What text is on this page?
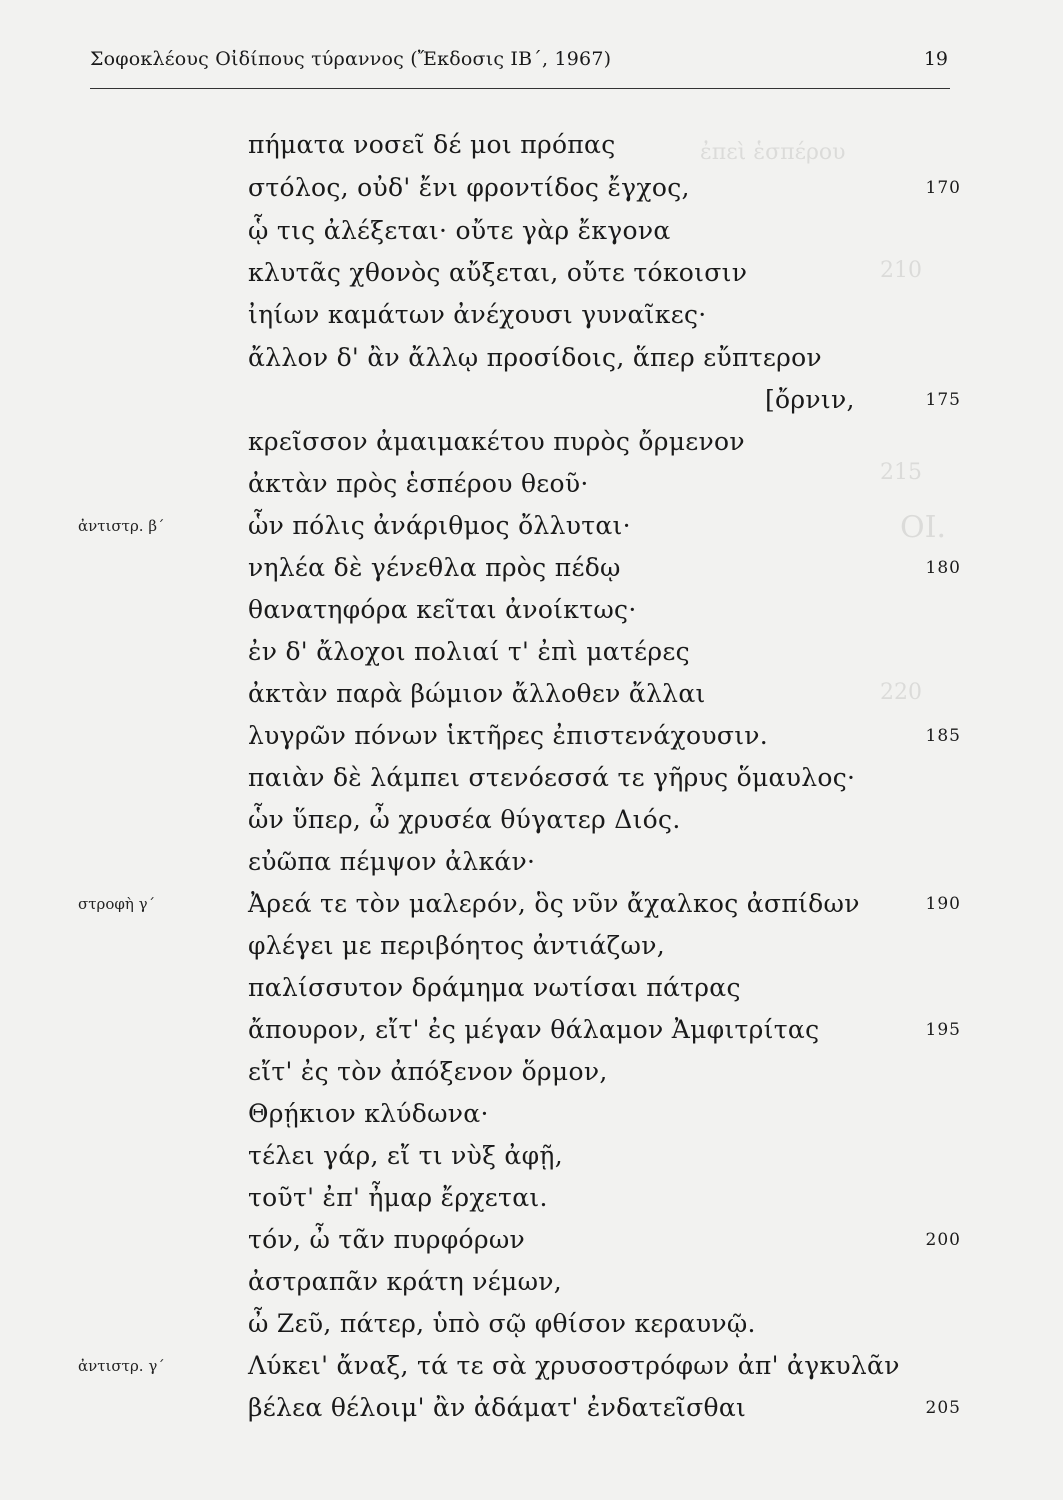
ἐπεὶ ἑσπέρου
210
215
220
ΟΙ.
Σοφοκλέους Οἰδίπους τύραννος (Ἔκδοσις ΙΒ΄, 1967)	19
πήματα νοσεῖ δέ μοι πρόπας
στόλος, οὐδ' ἔνι φροντίδος ἔγχος,
ᾧ τις ἀλέξεται· οὔτε γὰρ ἔκγονα
κλυτᾶς χθονὸς αὔξεται, οὔτε τόκοισιν
ἰηίων καμάτων ἀνέχουσι γυναῖκες·
ἄλλον δ' ἂν ἄλλῳ προσίδοις, ἅπερ εὔπτερον
[ὄρνιν,
κρεῖσσον ἀμαιμακέτου πυρὸς ὄρμενον
ἀκτὰν πρὸς ἑσπέρου θεοῦ·
ὧν πόλις ἀνάριθμος ὄλλυται·
νηλέα δὲ γένεθλα πρὸς πέδῳ
θανατηφόρα κεῖται ἀνοίκτως·
ἐν δ' ἄλοχοι πολιαί τ' ἐπὶ ματέρες
ἀκτὰν παρὰ βώμιον ἄλλοθεν ἄλλαι
λυγρῶν πόνων ἱκτῆρες ἐπιστενάχουσιν.
παιὰν δὲ λάμπει στενόεσσά τε γῆρυς ὅμαυλος·
ὧν ὕπερ, ὦ χρυσέα θύγατερ Διός.
εὐῶπα πέμψον ἀλκάν·
Ἀρεά τε τὸν μαλερόν, ὃς νῦν ἄχαλκος ἀσπίδων
φλέγει με περιβόητος ἀντιάζων,
παλίσσυτον δράμημα νωτίσαι πάτρας
ἄπουρον, εἴτ' ἐς μέγαν θάλαμον Ἀμφιτρίτας
εἴτ' ἐς τὸν ἀπόξενον ὅρμον,
Θρῄκιον κλύδωνα·
τέλει γάρ, εἴ τι νὺξ ἀφῇ,
τοῦτ' ἐπ' ἦμαρ ἔρχεται.
τόν, ὦ τᾶν πυρφόρων
ἀστραπᾶν κράτη νέμων,
ὦ Ζεῦ, πάτερ, ὑπὸ σῷ φθίσον κεραυνῷ.
Λύκει' ἄναξ, τά τε σὰ χρυσοστρόφων ἀπ' ἀγκυλᾶν
βέλεα θέλοιμ' ἂν ἀδάματ' ἐνδατεῖσθαι
170
175
180
185
190
195
200
205
ἀντιστρ. β΄
στροφὴ γ΄
ἀντιστρ. γ΄
